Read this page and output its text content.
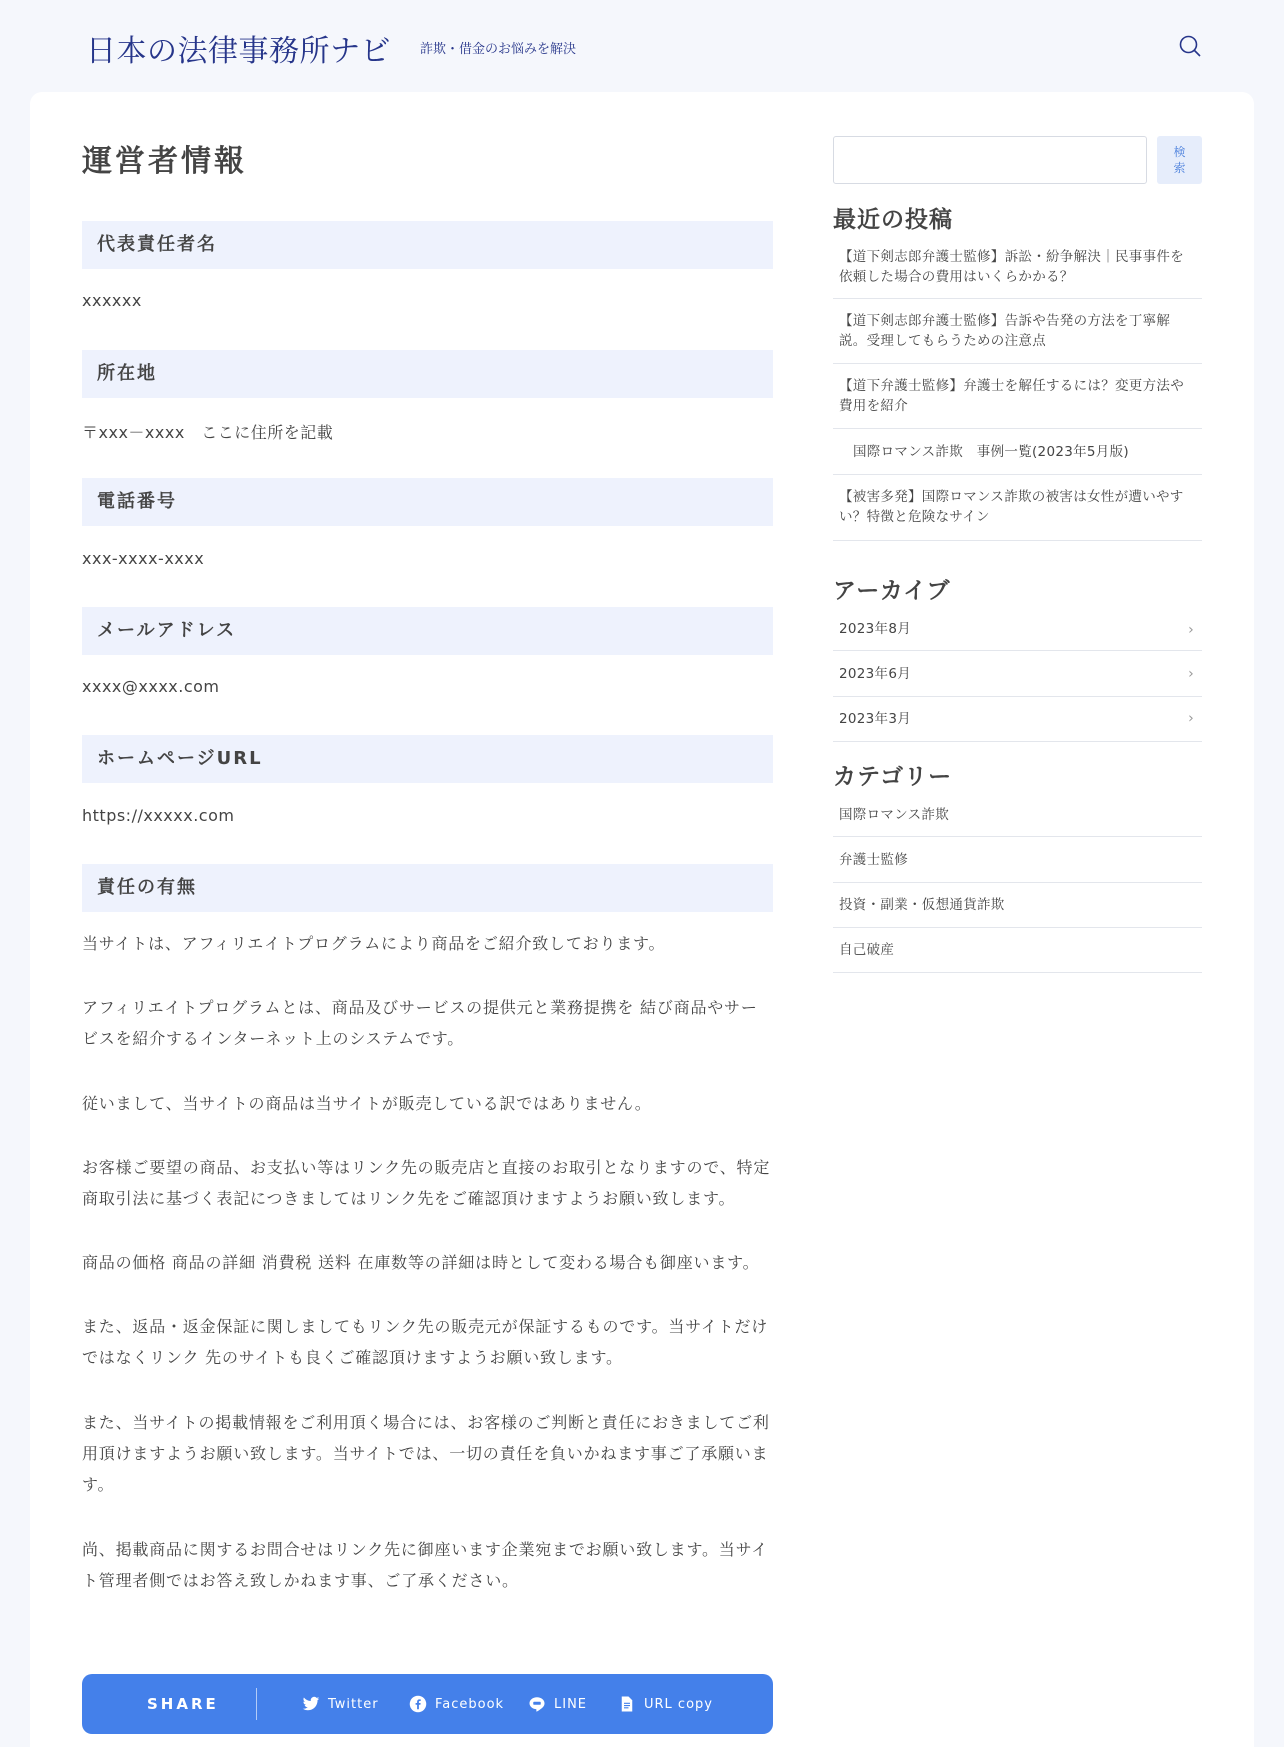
日本の法律事務所ナビ 詐欺・借金のお悩みを解決
運営者情報
代表責任者名
xxxxxx
所在地
〒xxx－xxxx　ここに住所を記載
電話番号
xxx-xxxx-xxxx
メールアドレス
xxxx@xxxx.com
ホームページURL
https://xxxxx.com
責任の有無

当サイトは、アフィリエイトプログラムにより商品をご紹介致しております。

アフィリエイトプログラムとは、商品及びサービスの提供元と業務提携を 結び商品やサービスを紹介するインターネット上のシステムです。

従いまして、当サイトの商品は当サイトが販売している訳ではありません。

お客様ご要望の商品、お支払い等はリンク先の販売店と直接のお取引となりますので、特定商取引法に基づく表記につきましてはリンク先をご確認頂けますようお願い致します。

商品の価格 商品の詳細 消費税 送料 在庫数等の詳細は時として変わる場合も御座います。

また、返品・返金保証に関しましてもリンク先の販売元が保証するものです。当サイトだけではなくリンク 先のサイトも良くご確認頂けますようお願い致します。

また、当サイトの掲載情報をご利用頂く場合には、お客様のご判断と責任におきましてご利用頂けますようお願い致します。当サイトでは、一切の責任を負いかねます事ご了承願います。

尚、掲載商品に関するお問合せはリンク先に御座います企業宛までお願い致します。当サイト管理者側ではお答え致しかねます事、ご了承ください。

SHARE	Twitter	Facebook	LINE	URL copy
検索
最近の投稿
【道下剣志郎弁護士監修】訴訟・紛争解決｜民事事件を依頼した場合の費用はいくらかかる？
【道下剣志郎弁護士監修】告訴や告発の方法を丁寧解説。受理してもらうための注意点
【道下弁護士監修】弁護士を解任するには？変更方法や費用を紹介
国際ロマンス詐欺　事例一覧(2023年5月版)
【被害多発】国際ロマンス詐欺の被害は女性が遭いやすい？特徴と危険なサイン
アーカイブ
2023年8月	›
2023年6月	›
2023年3月	›
カテゴリー
国際ロマンス詐欺
弁護士監修
投資・副業・仮想通貨詐欺
自己破産
